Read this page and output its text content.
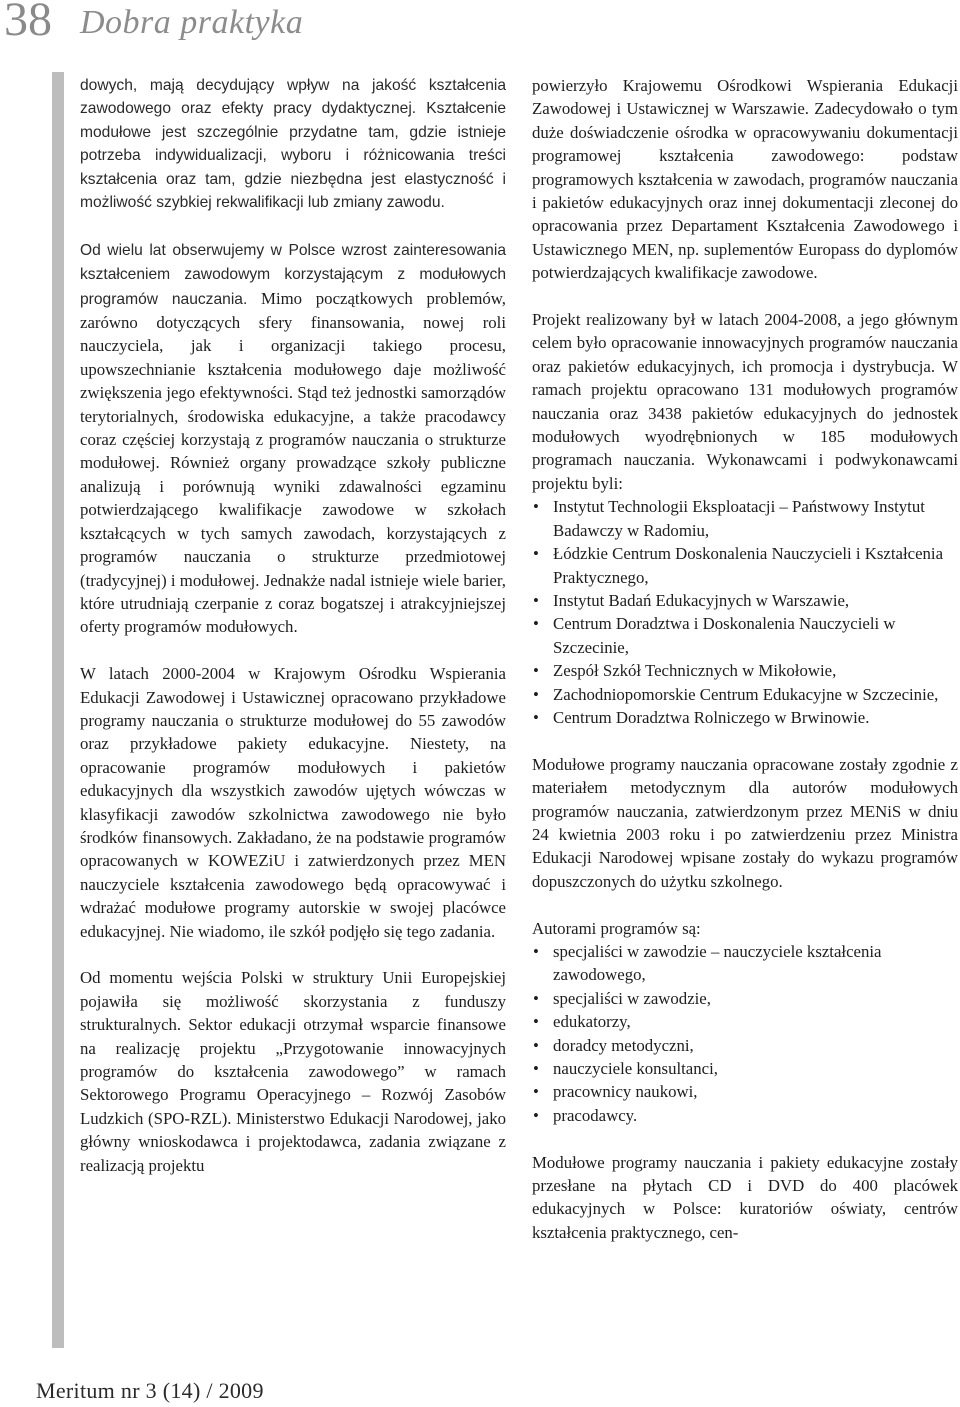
38 Dobra praktyka

dowych, mają decydujący wpływ na jakość kształcenia zawodowego oraz efekty pracy dydaktycznej. Kształcenie modułowe jest szczególnie przydatne tam, gdzie istnieje potrzeba indywidualizacji, wyboru i różnicowania treści kształcenia oraz tam, gdzie niezbędna jest elastyczność i możliwość szybkiej rekwalifikacji lub zmiany zawodu.

Od wielu lat obserwujemy w Polsce wzrost zainteresowania kształceniem zawodowym korzystającym z modułowych programów nauczania. Mimo początkowych problemów, zarówno dotyczących sfery finansowania, nowej roli nauczyciela, jak i organizacji takiego procesu, upowszechnianie kształcenia modułowego daje możliwość zwiększenia jego efektywności. Stąd też jednostki samorządów terytorialnych, środowiska edukacyjne, a także pracodawcy coraz częściej korzystają z programów nauczania o strukturze modułowej. Również organy prowadzące szkoły publiczne analizują i porównują wyniki zdawalności egzaminu potwierdzającego kwalifikacje zawodowe w szkołach kształcących w tych samych zawodach, korzystających z programów nauczania o strukturze przedmiotowej (tradycyjnej) i modułowej. Jednakże nadal istnieje wiele barier, które utrudniają czerpanie z coraz bogatszej i atrakcyjniejszej oferty programów modułowych.

W latach 2000-2004 w Krajowym Ośrodku Wspierania Edukacji Zawodowej i Ustawicznej opracowano przykładowe programy nauczania o strukturze modułowej do 55 zawodów oraz przykładowe pakiety edukacyjne. Niestety, na opracowanie programów modułowych i pakietów edukacyjnych dla wszystkich zawodów ujętych wówczas w klasyfikacji zawodów szkolnictwa zawodowego nie było środków finansowych. Zakładano, że na podstawie programów opracowanych w KOWEZiU i zatwierdzonych przez MEN nauczyciele kształcenia zawodowego będą opracowywać i wdrażać modułowe programy autorskie w swojej placówce edukacyjnej. Nie wiadomo, ile szkół podjęło się tego zadania.

Od momentu wejścia Polski w struktury Unii Europejskiej pojawiła się możliwość skorzystania z funduszy strukturalnych. Sektor edukacji otrzymał wsparcie finansowe na realizację projektu „Przygotowanie innowacyjnych programów do kształcenia zawodowego” w ramach Sektorowego Programu Operacyjnego – Rozwój Zasobów Ludzkich (SPO-RZL). Ministerstwo Edukacji Narodowej, jako główny wnioskodawca i projektodawca, zadania związane z realizacją projektu

powierzyło Krajowemu Ośrodkowi Wspierania Edukacji Zawodowej i Ustawicznej w Warszawie. Zadecydowało o tym duże doświadczenie ośrodka w opracowywaniu dokumentacji programowej kształcenia zawodowego: podstaw programowych kształcenia w zawodach, programów nauczania i pakietów edukacyjnych oraz innej dokumentacji zleconej do opracowania przez Departament Kształcenia Zawodowego i Ustawicznego MEN, np. suplementów Europass do dyplomów potwierdzających kwalifikacje zawodowe.

Projekt realizowany był w latach 2004-2008, a jego głównym celem było opracowanie innowacyjnych programów nauczania oraz pakietów edukacyjnych, ich promocja i dystrybucja. W ramach projektu opracowano 131 modułowych programów nauczania oraz 3438 pakietów edukacyjnych do jednostek modułowych wyodrębnionych w 185 modułowych programach nauczania. Wykonawcami i podwykonawcami projektu byli:

• Instytut Technologii Eksploatacji – Państwowy Instytut Badawczy w Radomiu,
• Łódzkie Centrum Doskonalenia Nauczycieli i Kształcenia Praktycznego,
• Instytut Badań Edukacyjnych w Warszawie,
• Centrum Doradztwa i Doskonalenia Nauczycieli w Szczecinie,
• Zespół Szkół Technicznych w Mikołowie,
• Zachodniopomorskie Centrum Edukacyjne w Szczecinie,
• Centrum Doradztwa Rolniczego w Brwinowie.

Modułowe programy nauczania opracowane zostały zgodnie z materiałem metodycznym dla autorów modułowych programów nauczania, zatwierdzonym przez MENiS w dniu 24 kwietnia 2003 roku i po zatwierdzeniu przez Ministra Edukacji Narodowej wpisane zostały do wykazu programów dopuszczonych do użytku szkolnego.

Autorami programów są:

• specjaliści w zawodzie – nauczyciele kształcenia zawodowego,
• specjaliści w zawodzie,
• edukatorzy,
• doradcy metodyczni,
• nauczyciele konsultanci,
• pracownicy naukowi,
• pracodawcy.

Modułowe programy nauczania i pakiety edukacyjne zostały przesłane na płytach CD i DVD do 400 placówek edukacyjnych w Polsce: kuratoriów oświaty, centrów kształcenia praktycznego, cen-

Meritum nr 3 (14) / 2009
